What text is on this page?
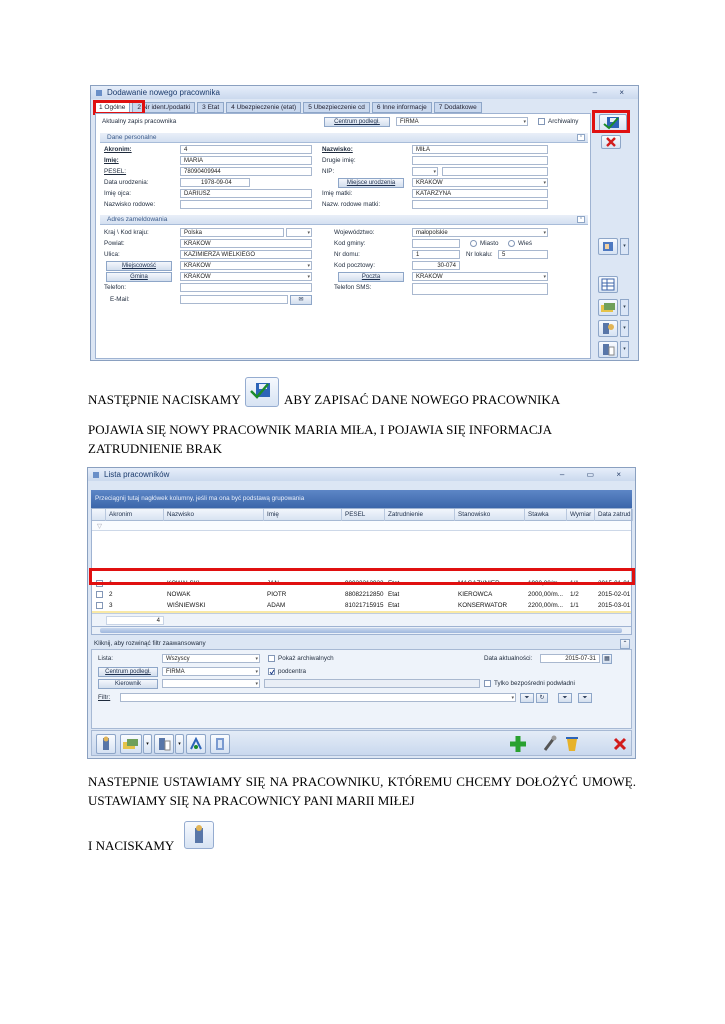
Dodawanie nowego pracownika	– ×
1 Ogólne	2 Nr ident./podatki	3 Etat	4 Ubezpieczenie (etat)	5 Ubezpieczenie cd	6 Inne informacje	7 Dodatkowe
Aktualny zapis pracownika	Centrum podległ.	FIRMA	▾	Archiwalny
Dane personalne	⌃
Akronim:	4
Imię:	MARIA
PESEL:	78090409944
Data urodzenia:	1978-09-04
Imię ojca:	DARIUSZ
Nazwisko rodowe:
Nazwisko:	MIŁA
Drugie imię:
NIP:	▾
Miejsce urodzenia	KRAKÓW	▾
Imię matki:	KATARZYNA
Nazw. rodowe matki:
Adres zameldowania	⌃
Kraj \ Kod kraju:	Polska	▾
Powiat:	KRAKÓW
Ulica:	KAZIMIERZA WIELKIEGO
Miejscowość	KRAKÓW	▾
Gmina	KRAKÓW	▾
Telefon:
E-Mail:	✉
Województwo:	małopolskie	▾
Kod gminy:	Miasto	Wieś
Nr domu:	1	Nr lokalu:	5
Kod pocztowy:	30-074
Poczta	KRAKÓW	▾
Telefon SMS:
▾
▾
▾
▾
NASTĘPNIE NACISKAMY	ABY ZAPISAĆ DANE NOWEGO PRACOWNIKA
POJAWIA SIĘ NOWY PRACOWNIK MARIA MIŁA, I POJAWIA SIĘ INFORMACJA ZATRUDNIENIE BRAK
Lista pracowników	– ▭ ×
Przeciągnij tutaj nagłówek kolumny, jeśli ma ona być podstawą grupowania
Akronim	Nazwisko	Imię	PESEL	Zatrudnienie	Stanowisko	Stawka	Wymiar	Data zatrud
▽
1	KOWALSKI	JAN	90022212932 Etat	MAGAZYNIER	1900,00/m...	1/1	2015-01-01
2	NOWAK	PIOTR	88082212850 Etat	KIEROWCA	2000,00/m...	1/2	2015-02-01
3	WIŚNIEWSKI	ADAM	81021715915 Etat	KONSERWATOR	2200,00/m...	1/1	2015-03-01
4
Kliknij, aby rozwinąć filtr zaawansowany	⌃
Lista:	Wszyscy	▾	Pokaż archiwalnych	Data aktualności:	2015-07-31	▦
Centrum podległ.	FIRMA	▾	podcentra
Kierownik	▾	Tylko bezpośredni podwładni
Filtr:	▾	⏷	↻	⏷	⏷
▾	▾
NASTEPNIE USTAWIAMY SIĘ NA PRACOWNIKU, KTÓREMU CHCEMY DOŁOŻYĆ UMOWĘ. USTAWIAMY SIĘ NA PRACOWNICY PANI MARII MIŁEJ
I NACISKAMY
